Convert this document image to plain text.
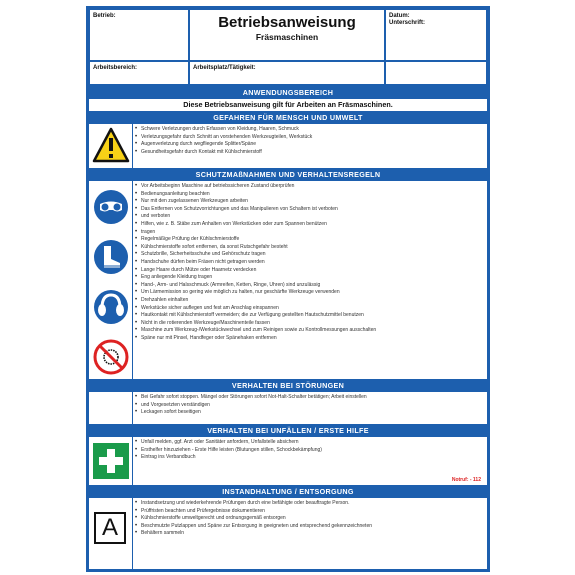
Betrieb:	Betriebsanweisung
Fräsmaschinen
Datum:
Unterschrift:
Arbeitsbereich:	Arbeitsplatz/Tätigkeit:
ANWENDUNGSBEREICH
Diese Betriebsanweisung gilt für Arbeiten an Fräsmaschinen.
GEFAHREN FÜR MENSCH UND UMWELT
• Schwere Verletzungen durch Erfassen von Kleidung, Haaren, Schmuck
• Verletzungsgefahr durch Schnitt an vorstehenden Werkzeugteilen, Werkstück
• Augenverletzung durch wegfliegende Splitter/Späne
• Gesundheitsgefahr durch Kontakt mit Kühlschmierstoff
SCHUTZMAßNAHMEN UND VERHALTENSREGELN
• Vor Arbeitsbeginn Maschine auf betriebssicheren Zustand überprüfen
• Bedienungsanleitung beachten
• Nur mit den zugelassenen Werkzeugen arbeiten
• Das Entfernen von Schutzvorrichtungen und das Manipulieren von Schaltern ist verboten
• und verboten
• Hilfen, wie z. B. Stäbe zum Anhalten von Werkstücken oder zum Spannen benützen
• tragen
• Regelmäßige Prüfung der Kühlschmierstoffe
• Kühlschmierstoffe sofort entfernen, da sonst Rutschgefahr besteht
• Schutzbrille, Sicherheitsschuhe und Gehörschutz tragen
• Handschuhe dürfen beim Fräsen nicht getragen werden
• Lange Haare durch Mütze oder Haarnetz verdecken
• Eng anliegende Kleidung tragen
• Hand-, Arm- und Halsschmuck (Armreifen, Ketten, Ringe, Uhren) sind unzulässig
• Um Lärmemission so gering wie möglich zu halten, nur geschärfte Werkzeuge verwenden
• Drehzahlen einhalten
• Werkstücke sicher auflegen und fest am Anschlag einspannen
• Hautkontakt mit Kühlschmierstoff vermeiden; die zur Verfügung gestellten Hautschutzmittel benutzen
• Nicht in die rotierenden Werkzeuge/Maschinenteile fassen
• Maschine zum Werkzeug-/Werkstückwechsel und zum Reinigen sowie zu Kontrollmessungen ausschalten
• Späne nur mit Pinsel, Handfeger oder Spänehaken entfernen
VERHALTEN BEI STÖRUNGEN
• Bei Gefahr sofort stoppen. Mängel oder Störungen sofort Not-Halt-Schalter betätigen; Arbeit einstellen
• und Vorgesetzten verständigen
• Leckagen sofort beseitigen
VERHALTEN BEI UNFÄLLEN / ERSTE HILFE
• Unfall melden, ggf. Arzt oder Sanitäter anfordern, Unfallstelle absichern
• Ersthelfer hinzuziehen - Erste Hilfe leisten (Blutungen stillen, Schockbekämpfung)
• Eintrag ins Verbandbuch
Notruf: - 112
INSTANDHALTUNG / ENTSORGUNG
A
• Instandsetzung und wiederkehrende Prüfungen durch eine befähigte oder beauftragte Person.
• Prüffristen beachten und Prüfergebnisse dokumentieren
• Kühlschmierstoffe umweltgerecht und ordnungsgemäß entsorgen
• Beschmutzte Putzlappen und Späne zur Entsorgung in geeigneten und entsprechend gekennzeichneten
• Behältern sammeln
